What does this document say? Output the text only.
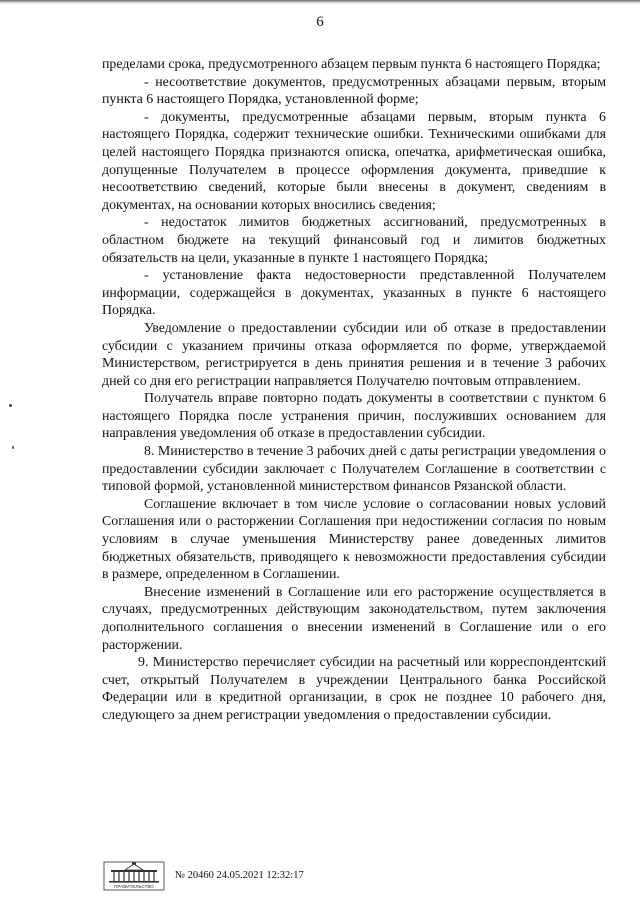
6

пределами срока, предусмотренного абзацем первым пункта 6 настоящего Порядка;

- несоответствие документов, предусмотренных абзацами первым, вторым пункта 6 настоящего Порядка, установленной форме;

- документы, предусмотренные абзацами первым, вторым пункта 6 настоящего Порядка, содержит технические ошибки. Техническими ошибками для целей настоящего Порядка признаются описка, опечатка, арифметическая ошибка, допущенные Получателем в процессе оформления документа, приведшие к несоответствию сведений, которые были внесены в документ, сведениям в документах, на основании которых вносились сведения;

- недостаток лимитов бюджетных ассигнований, предусмотренных в областном бюджете на текущий финансовый год и лимитов бюджетных обязательств на цели, указанные в пункте 1 настоящего Порядка;

- установление факта недостоверности представленной Получателем информации, содержащейся в документах, указанных в пункте 6 настоящего Порядка.

Уведомление о предоставлении субсидии или об отказе в предоставлении субсидии с указанием причины отказа оформляется по форме, утверждаемой Министерством, регистрируется в день принятия решения и в течение 3 рабочих дней со дня его регистрации направляется Получателю почтовым отправлением.

Получатель вправе повторно подать документы в соответствии с пунктом 6 настоящего Порядка после устранения причин, послуживших основанием для направления уведомления об отказе в предоставлении субсидии.

8. Министерство в течение 3 рабочих дней с даты регистрации уведомления о предоставлении субсидии заключает с Получателем Соглашение в соответствии с типовой формой, установленной министерством финансов Рязанской области.

Соглашение включает в том числе условие о согласовании новых условий Соглашения или о расторжении Соглашения при недостижении согласия по новым условиям в случае уменьшения Министерству ранее доведенных лимитов бюджетных обязательств, приводящего к невозможности предоставления субсидии в размере, определенном в Соглашении.

Внесение изменений в Соглашение или его расторжение осуществляется в случаях, предусмотренных действующим законодательством, путем заключения дополнительного соглашения о внесении изменений в Соглашение или о его расторжении.

9. Министерство перечисляет субсидии на расчетный или корреспондентский счет, открытый Получателем в учреждении Центрального банка Российской Федерации или в кредитной организации, в срок не позднее 10 рабочего дня, следующего за днем регистрации уведомления о предоставлении субсидии.

ПРАВИТЕЛЬСТВО
№ 20460 24.05.2021 12:32:17
